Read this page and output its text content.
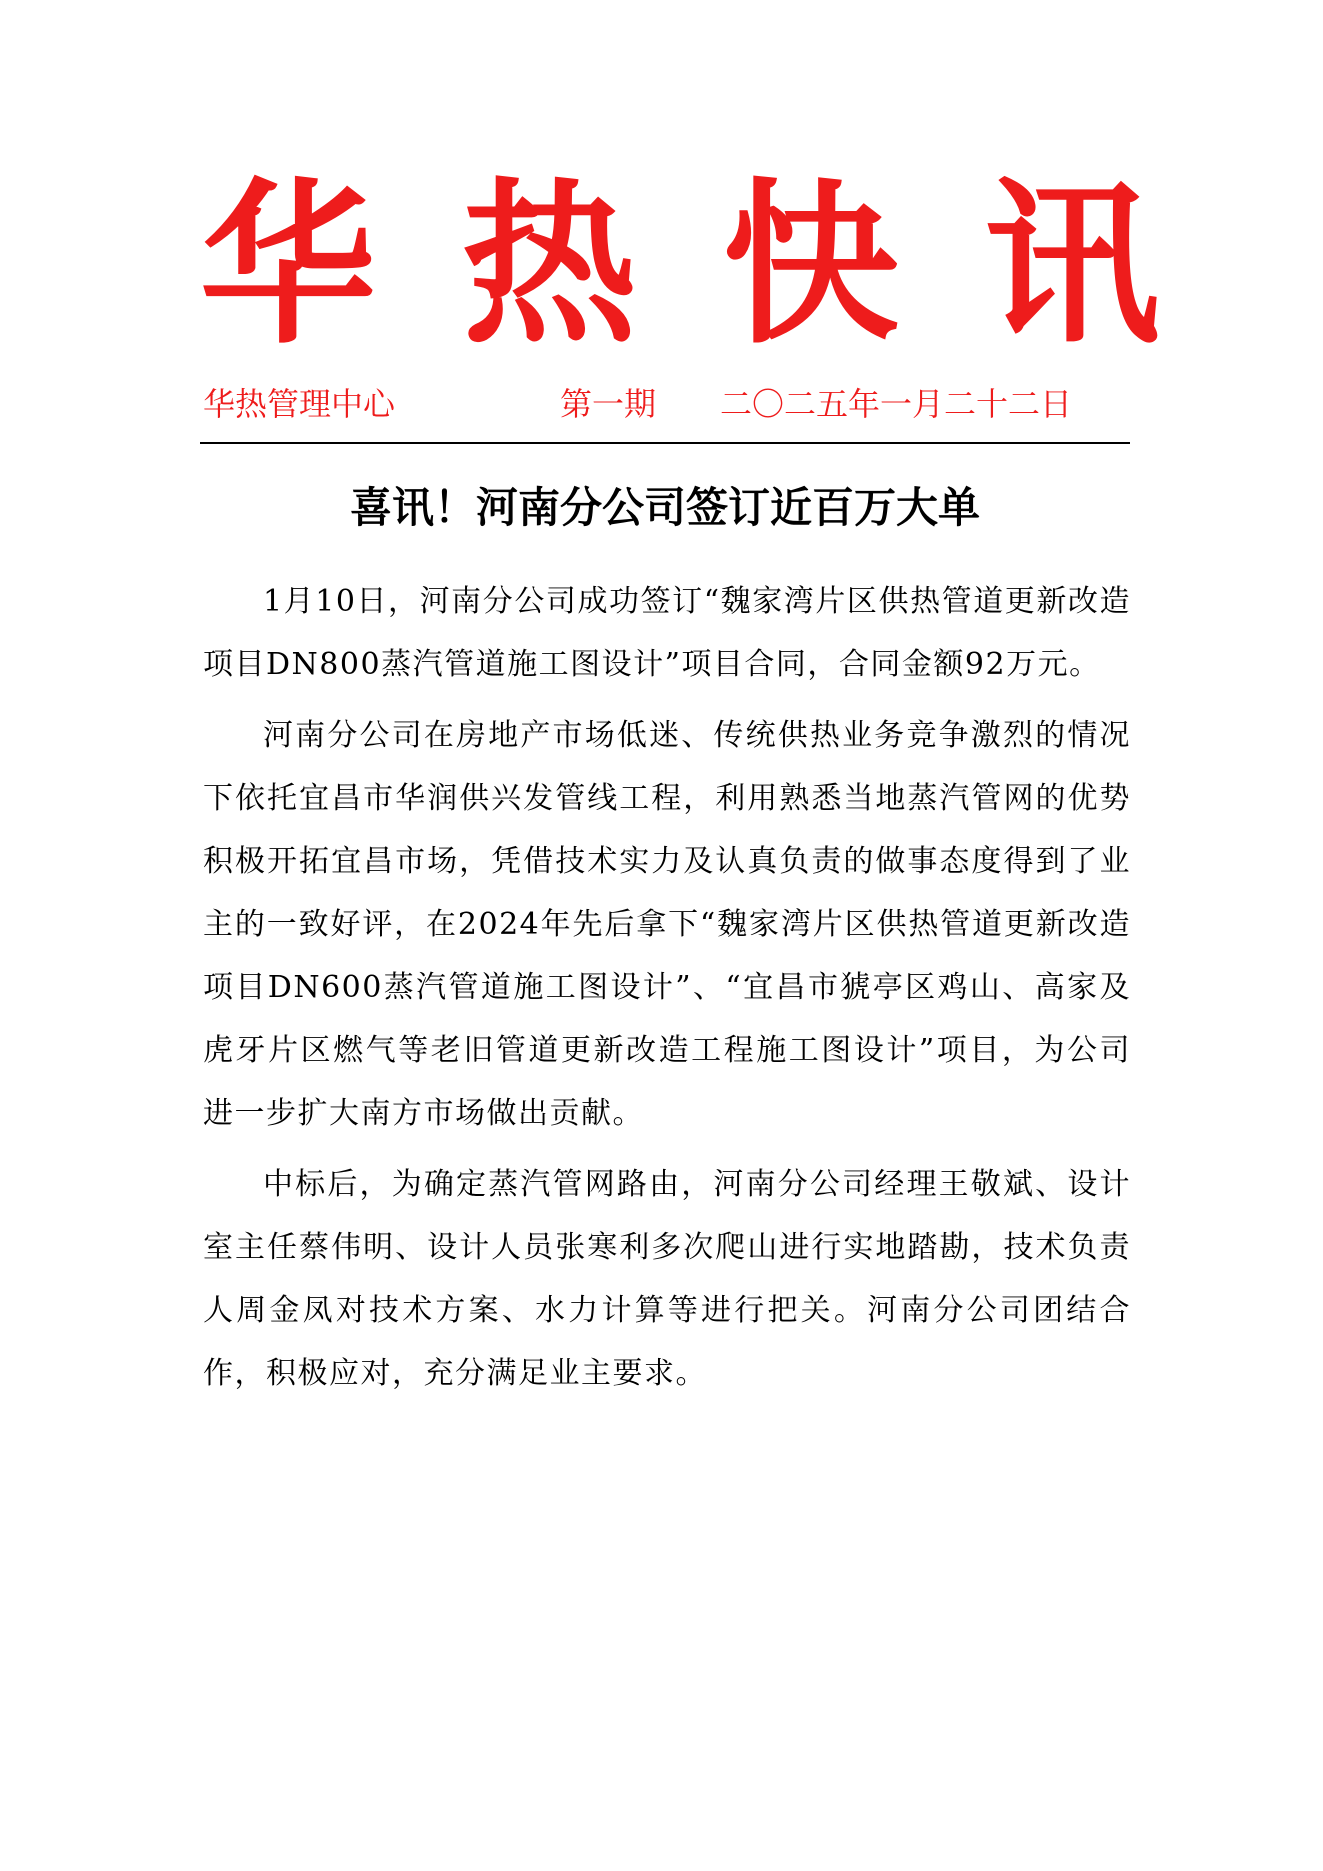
华 热 快 讯
华热管理中心	第一期 二〇二五年一月二十二日
喜讯！河南分公司签订近百万大单

1月10日，河南分公司成功签订“魏家湾片区供热管道更新改造项目DN800蒸汽管道施工图设计”项目合同，合同金额92万元。

河南分公司在房地产市场低迷、传统供热业务竞争激烈的情况下依托宜昌市华润供兴发管线工程，利用熟悉当地蒸汽管网的优势积极开拓宜昌市场，凭借技术实力及认真负责的做事态度得到了业主的一致好评，在2024年先后拿下“魏家湾片区供热管道更新改造项目DN600蒸汽管道施工图设计”、“宜昌市猇亭区鸡山、高家及虎牙片区燃气等老旧管道更新改造工程施工图设计”项目，为公司进一步扩大南方市场做出贡献。

中标后，为确定蒸汽管网路由，河南分公司经理王敬斌、设计室主任蔡伟明、设计人员张寒利多次爬山进行实地踏勘，技术负责人周金凤对技术方案、水力计算等进行把关。河南分公司团结合作，积极应对，充分满足业主要求。
